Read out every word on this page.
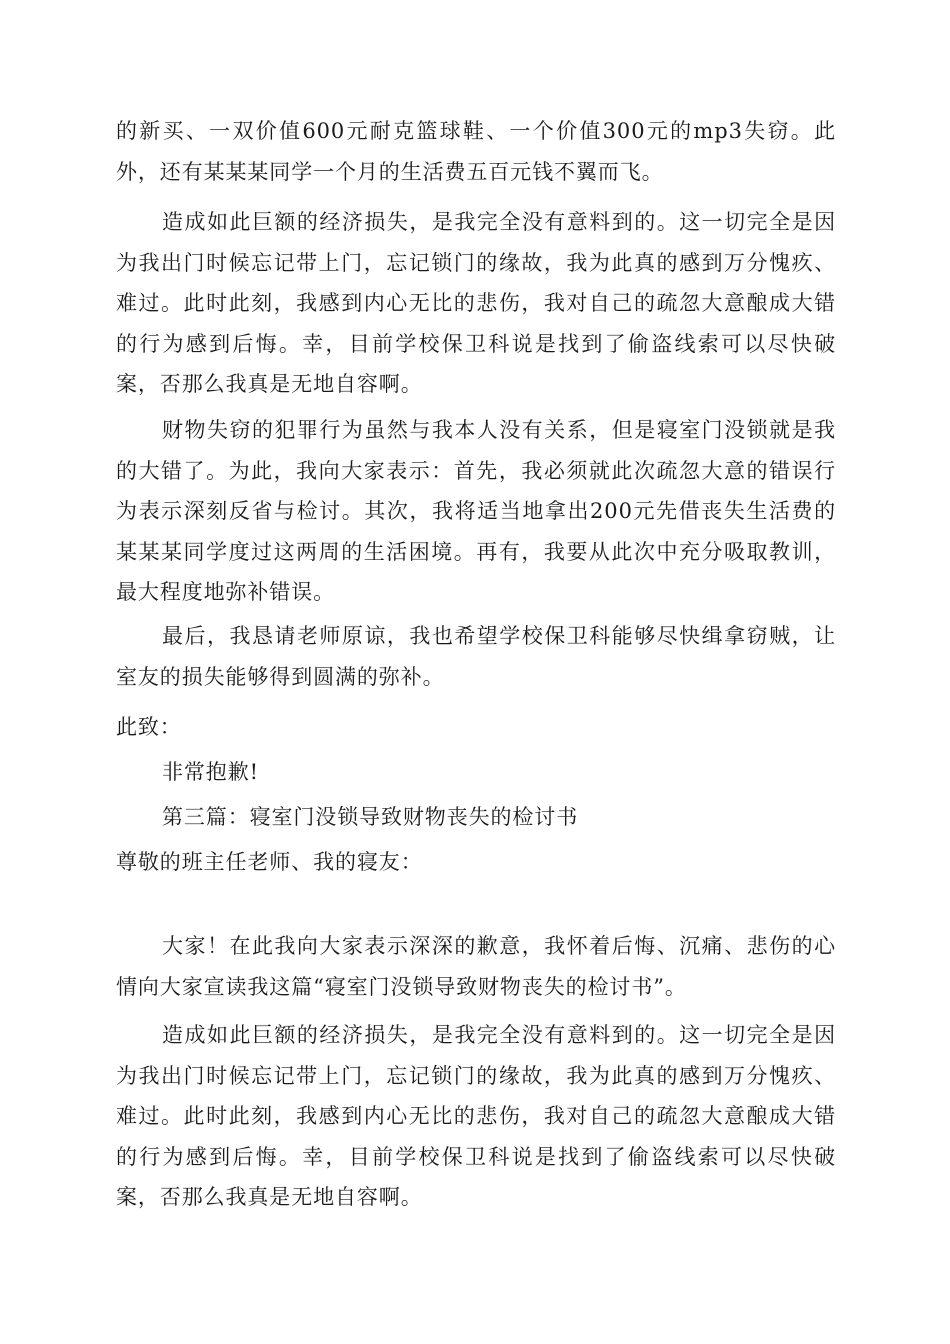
的新买、一双价值600元耐克篮球鞋、一个价值300元的mp3失窃。此外，还有某某某同学一个月的生活费五百元钱不翼而飞。

造成如此巨额的经济损失，是我完全没有意料到的。这一切完全是因为我出门时候忘记带上门，忘记锁门的缘故，我为此真的感到万分愧疚、难过。此时此刻，我感到内心无比的悲伤，我对自己的疏忽大意酿成大错的行为感到后悔。幸，目前学校保卫科说是找到了偷盗线索可以尽快破案，否那么我真是无地自容啊。

财物失窃的犯罪行为虽然与我本人没有关系，但是寝室门没锁就是我的大错了。为此，我向大家表示：首先，我必须就此次疏忽大意的错误行为表示深刻反省与检讨。其次，我将适当地拿出200元先借丧失生活费的某某某同学度过这两周的生活困境。再有，我要从此次中充分吸取教训，最大程度地弥补错误。

最后，我恳请老师原谅，我也希望学校保卫科能够尽快缉拿窃贼，让室友的损失能够得到圆满的弥补。

此致：

非常抱歉!

第三篇：寝室门没锁导致财物丧失的检讨书

尊敬的班主任老师、我的寝友：

大家！在此我向大家表示深深的歉意，我怀着后悔、沉痛、悲伤的心情向大家宣读我这篇“寝室门没锁导致财物丧失的检讨书”。

造成如此巨额的经济损失，是我完全没有意料到的。这一切完全是因为我出门时候忘记带上门，忘记锁门的缘故，我为此真的感到万分愧疚、难过。此时此刻，我感到内心无比的悲伤，我对自己的疏忽大意酿成大错的行为感到后悔。幸，目前学校保卫科说是找到了偷盗线索可以尽快破案，否那么我真是无地自容啊。
